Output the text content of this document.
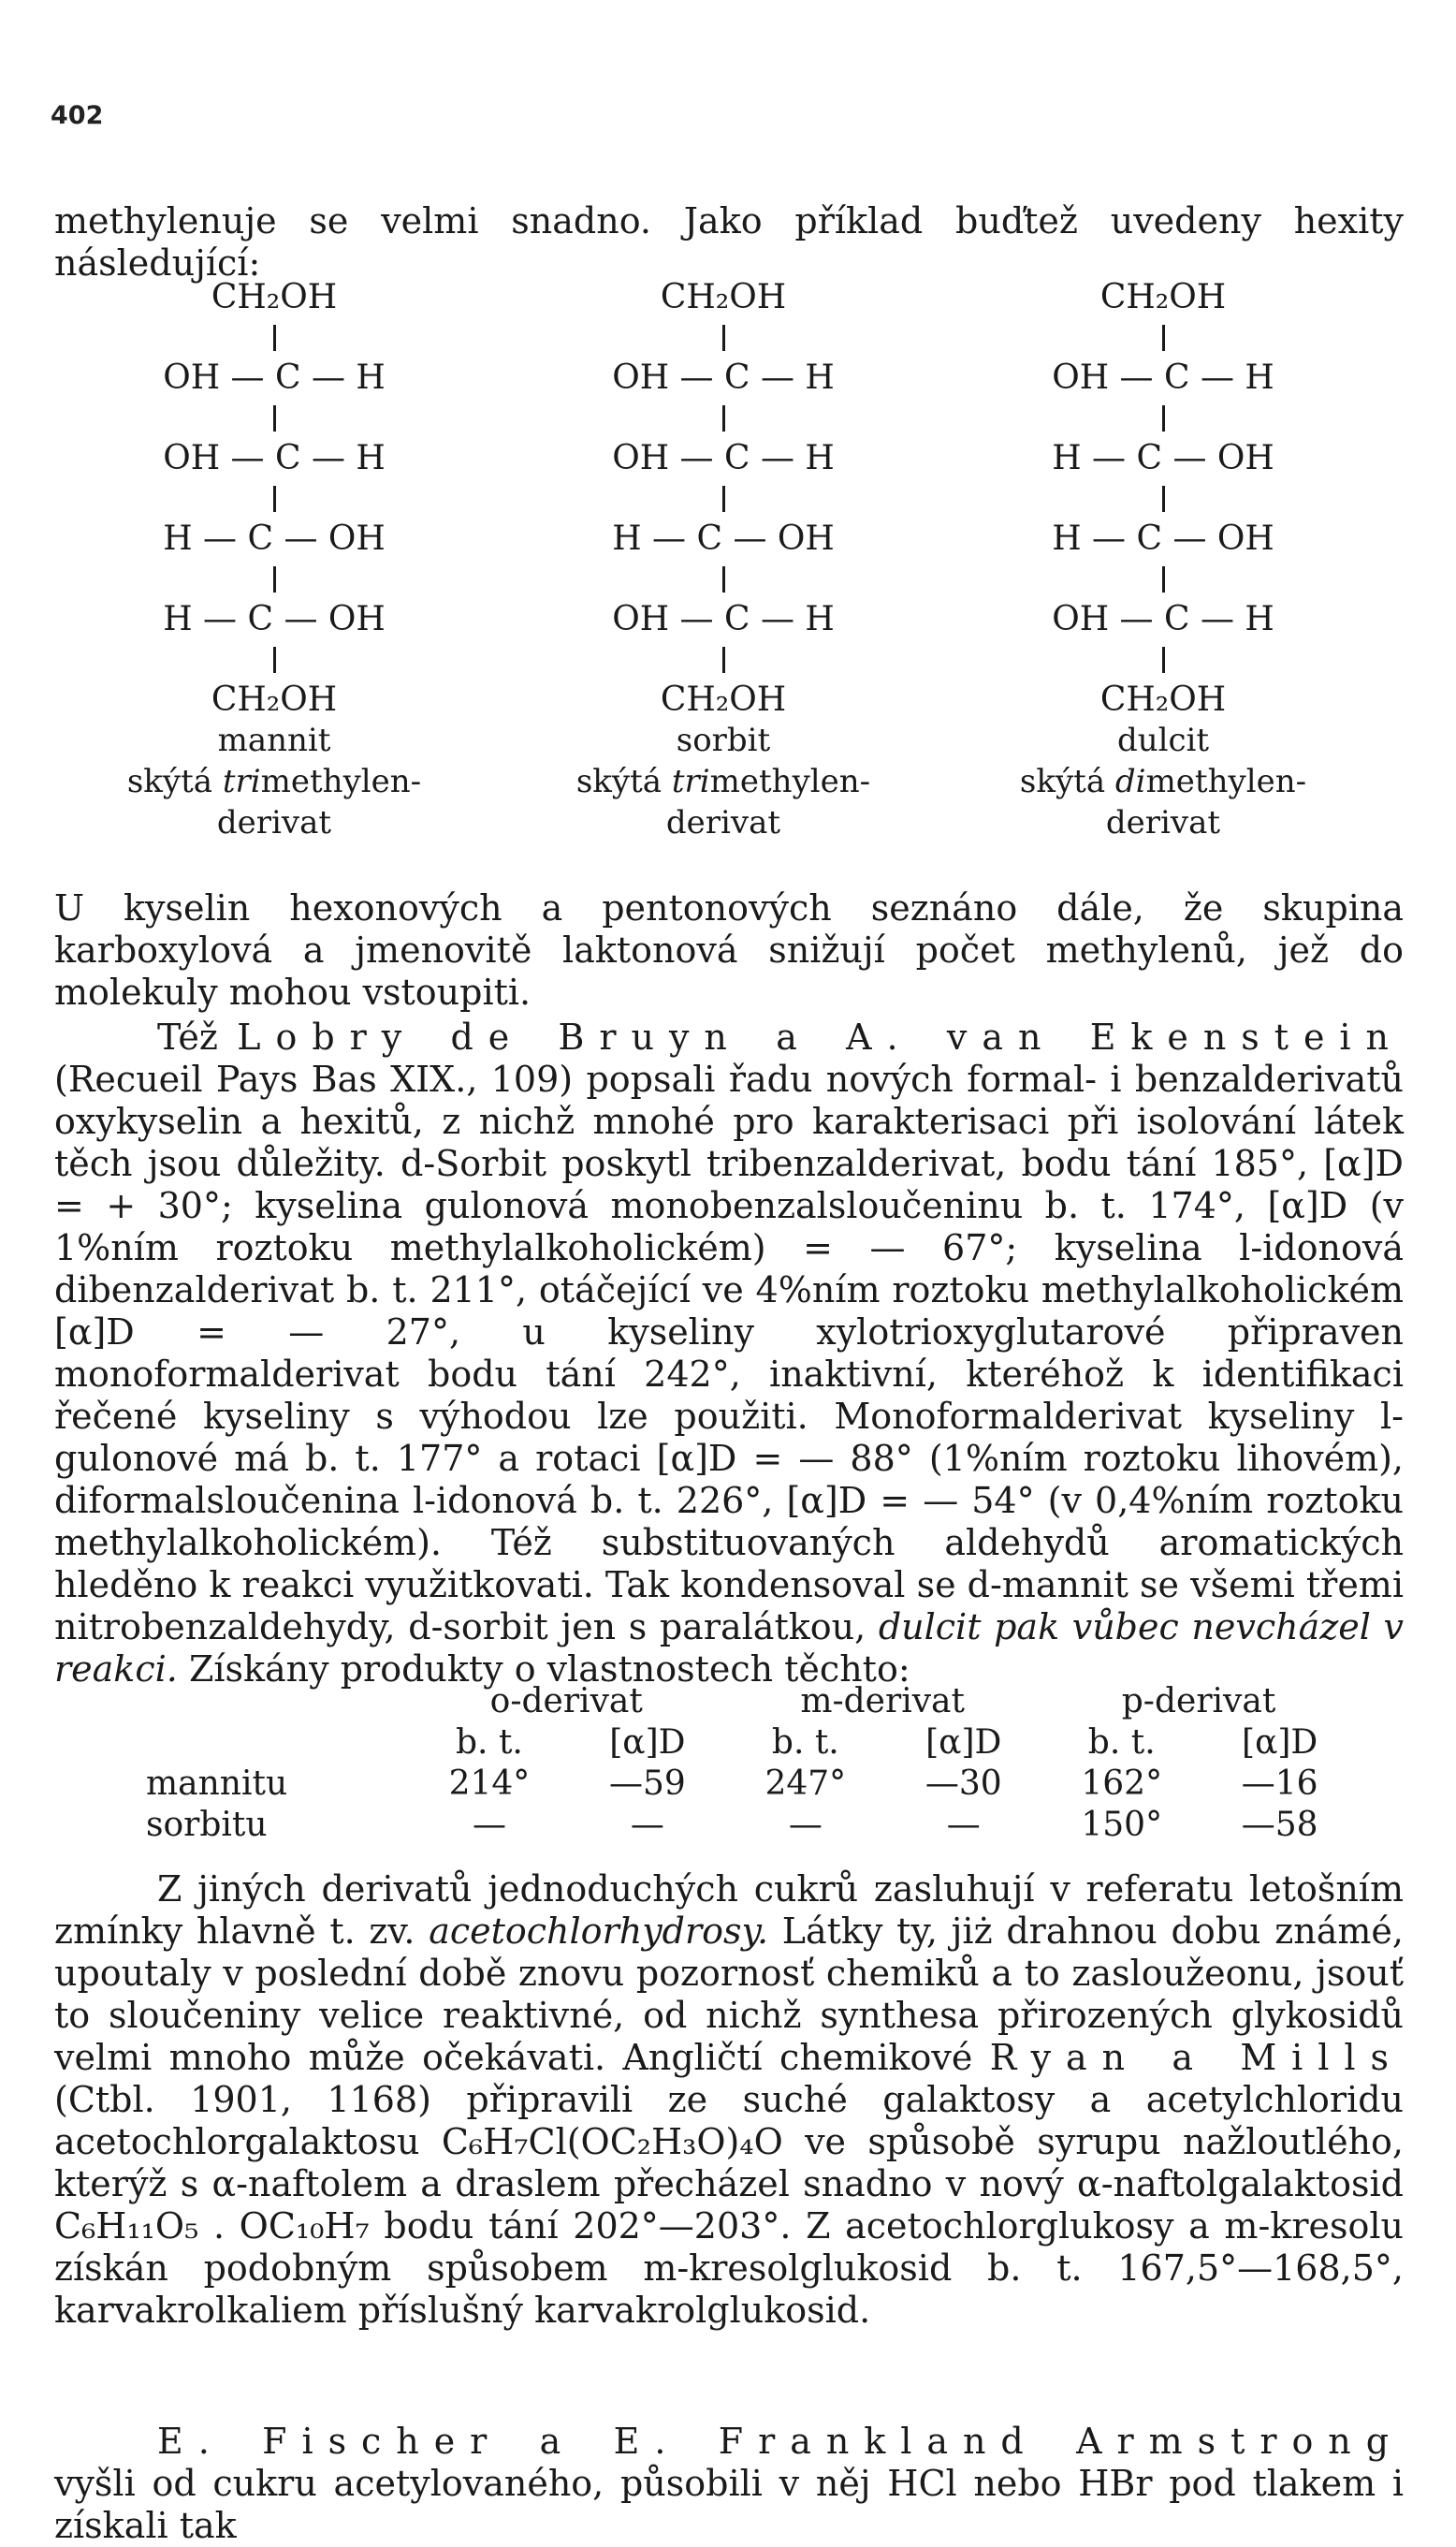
402

methylenuje se velmi snadno. Jako příklad buďtež uvedeny hexity následující:

CH₂OH
OH — C — H
OH — C — H
H — C — OH
H — C — OH
CH₂OH
mannit
skýtá trimethylen-
derivat
CH₂OH
OH — C — H
OH — C — H
H — C — OH
OH — C — H
CH₂OH
sorbit
skýtá trimethylen-
derivat
CH₂OH
OH — C — H
H — C — OH
H — C — OH
OH — C — H
CH₂OH
dulcit
skýtá dimethylen-
derivat

U kyselin hexonových a pentonových seznáno dále, že skupina karboxylová a jmenovitě laktonová snižují počet methylenů, jež do molekuly mohou vstoupiti.

Též Lobry de Bruyn a A. van Ekenstein (Recueil Pays Bas XIX., 109) popsali řadu nových formal- i benzalderivatů oxykyselin a hexitů, z nichž mnohé pro karakterisaci při isolování látek těch jsou důležity. d-Sorbit poskytl tribenzalderivat, bodu tání 185°, [α]D = + 30°; kyselina gulonová monobenzalsloučeninu b. t. 174°, [α]D (v 1%ním roztoku methylalkoholickém) = — 67°; kyselina l-idonová dibenzalderivat b. t. 211°, otáčející ve 4%ním roztoku methylalkoholickém [α]D = — 27°, u kyseliny xylotrioxyglutarové připraven monoformalderivat bodu tání 242°, inaktivní, kteréhož k identifikaci řečené kyseliny s výhodou lze použiti. Monoformalderivat kyseliny l-gulonové má b. t. 177° a rotaci [α]D = — 88° (1%ním roztoku lihovém), diformalsloučenina l-idonová b. t. 226°, [α]D = — 54° (v 0,4%ním roztoku methylalkoholickém). Též substituovaných aldehydů aromatických hleděno k reakci využitkovati. Tak kondensoval se d-mannit se všemi třemi nitrobenzaldehydy, d-sorbit jen s paralátkou, dulcit pak vůbec nevcházel v reakci. Získány produkty o vlastnostech těchto:

	o-derivat		m-derivat		p-derivat	
	b. t.	[α]D	b. t.	[α]D	b. t.	[α]D
mannitu	214°	—59	247°	—30	162°	—16
sorbitu	—	—	—	—	150°	—58

Z jiných derivatů jednoduchých cukrů zasluhují v referatu letošním zmínky hlavně t. zv. acetochlorhydrosy. Látky ty, jiż drahnou dobu známé, upoutaly v poslední době znovu pozornosť chemiků a to zasloužeonu, jsouť to sloučeniny velice reaktivné, od nichž synthesa přirozených glykosidů velmi mnoho může očekávati. Angličtí chemikové Ryan a Mills (Ctbl. 1901, 1168) připravili ze suché galaktosy a acetylchloridu acetochlorgalaktosu C₆H₇Cl(OC₂H₃O)₄O ve spůsobě syrupu nažloutlého, kterýž s α-naftolem a draslem přecházel snadno v nový α-naftolgalaktosid C₆H₁₁O₅ . OC₁₀H₇ bodu tání 202°—203°. Z acetochlorglukosy a m-kresolu získán podobným spůsobem m-kresolglukosid b. t. 167,5°—168,5°, karvakrolkaliem příslušný karvakrolglukosid.

E. Fischer a E. Frankland Armstrong vyšli od cukru acetylovaného, působili v něj HCl nebo HBr pod tlakem i získali tak
